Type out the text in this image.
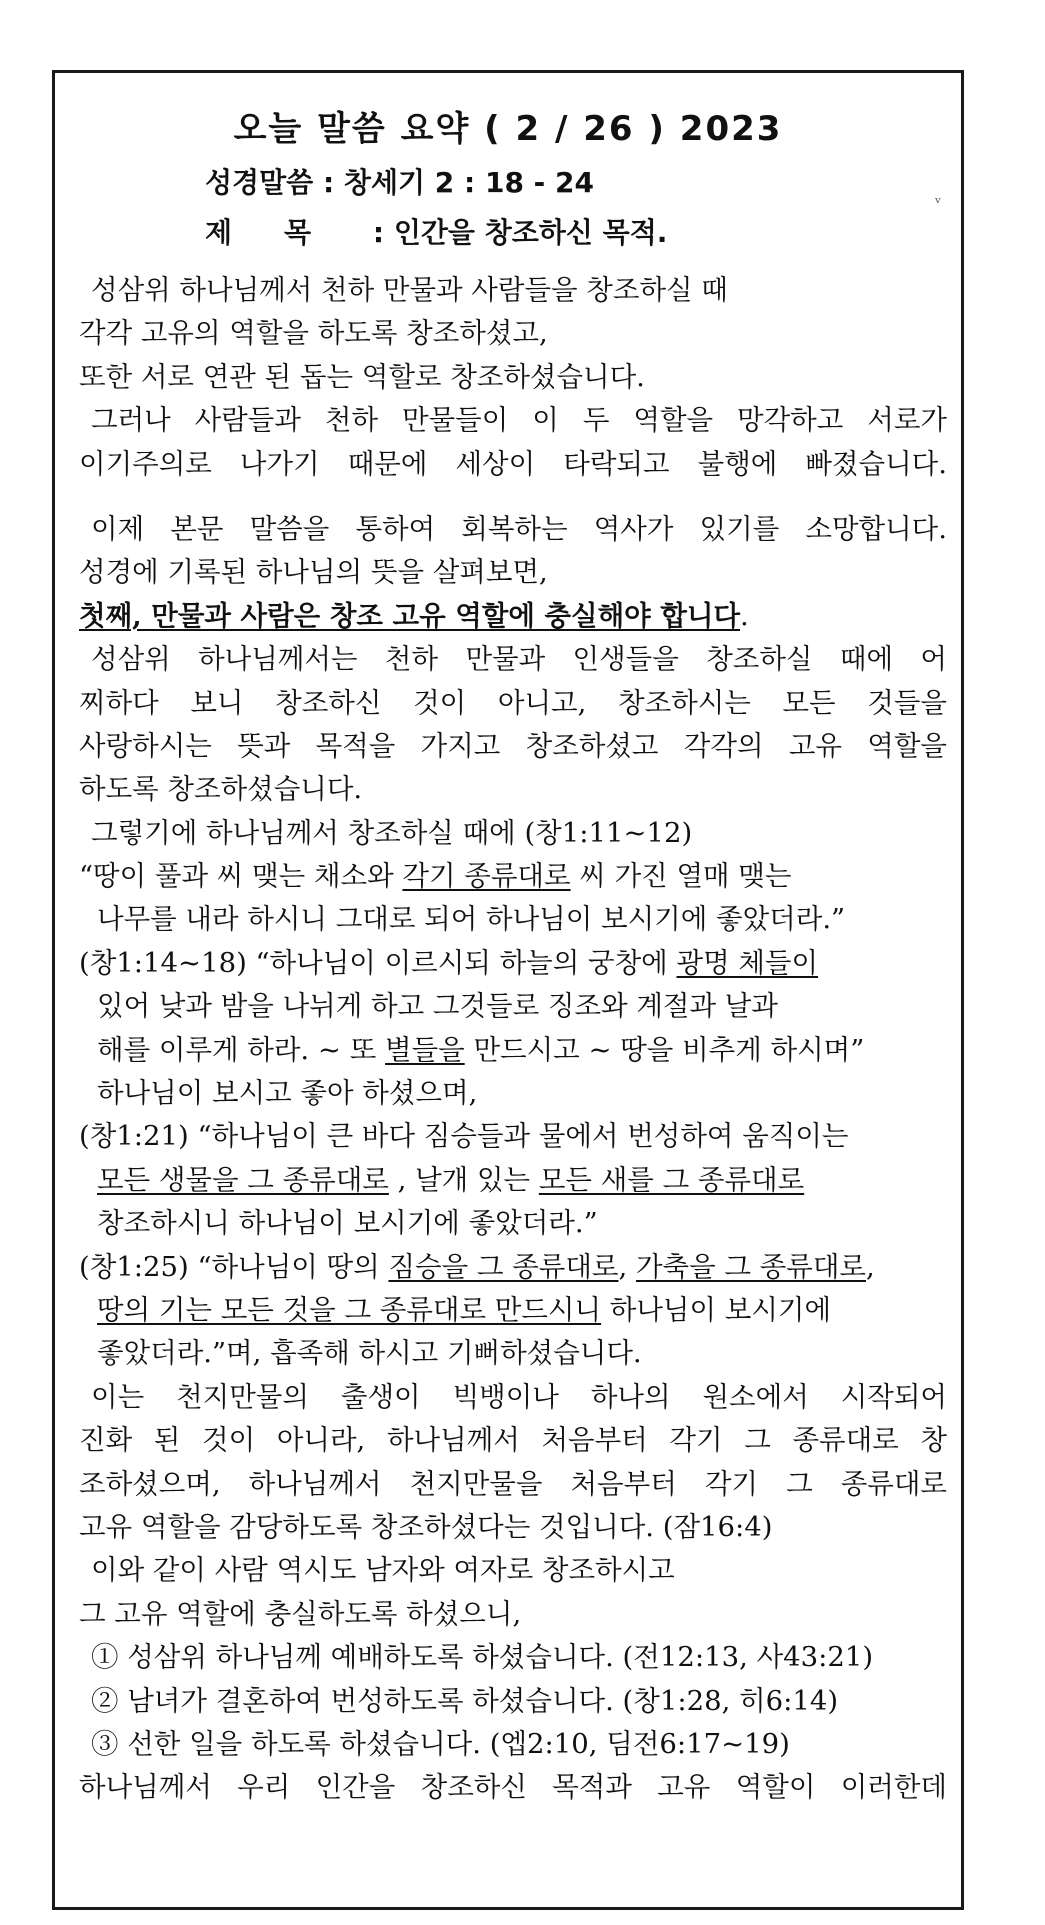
오늘 말씀 요약 ( 2 / 26 ) 2023
성경말씀 : 창세기 2 : 18 - 24
제목 : 인간을 창조하신 목적.
ᵛ
성삼위 하나님께서 천하 만물과 사람들을 창조하실 때
각각 고유의 역할을 하도록 창조하셨고,
또한 서로 연관 된 돕는 역할로 창조하셨습니다.
그러나 사람들과 천하 만물들이 이 두 역할을 망각하고 서로가
이기주의로 나가기 때문에 세상이 타락되고 불행에 빠졌습니다.
이제 본문 말씀을 통하여 회복하는 역사가 있기를 소망합니다.
성경에 기록된 하나님의 뜻을 살펴보면,
첫째, 만물과 사람은 창조 고유 역할에 충실해야 합니다.
성삼위 하나님께서는 천하 만물과 인생들을 창조하실 때에 어
찌하다 보니 창조하신 것이 아니고, 창조하시는 모든 것들을
사랑하시는 뜻과 목적을 가지고 창조하셨고 각각의 고유 역할을
하도록 창조하셨습니다.
그렇기에 하나님께서 창조하실 때에 (창1:11~12)
“땅이 풀과 씨 맺는 채소와 각기 종류대로 씨 가진 열매 맺는
나무를 내라 하시니 그대로 되어 하나님이 보시기에 좋았더라.”
(창1:14~18) “하나님이 이르시되 하늘의 궁창에 광명 체들이
있어 낮과 밤을 나뉘게 하고 그것들로 징조와 계절과 날과
해를 이루게 하라. ~ 또 별들을 만드시고 ~ 땅을 비추게 하시며”
하나님이 보시고 좋아 하셨으며,
(창1:21) “하나님이 큰 바다 짐승들과 물에서 번성하여 움직이는
모든 생물을 그 종류대로 , 날개 있는 모든 새를 그 종류대로
창조하시니 하나님이 보시기에 좋았더라.”
(창1:25) “하나님이 땅의 짐승을 그 종류대로, 가축을 그 종류대로,
땅의 기는 모든 것을 그 종류대로 만드시니 하나님이 보시기에
좋았더라.”며, 흡족해 하시고 기뻐하셨습니다.
이는 천지만물의 출생이 빅뱅이나 하나의 원소에서 시작되어
진화 된 것이 아니라, 하나님께서 처음부터 각기 그 종류대로 창
조하셨으며, 하나님께서 천지만물을 처음부터 각기 그 종류대로
고유 역할을 감당하도록 창조하셨다는 것입니다. (잠16:4)
이와 같이 사람 역시도 남자와 여자로 창조하시고
그 고유 역할에 충실하도록 하셨으니,
① 성삼위 하나님께 예배하도록 하셨습니다. (전12:13, 사43:21)
② 남녀가 결혼하여 번성하도록 하셨습니다. (창1:28, 히6:14)
③ 선한 일을 하도록 하셨습니다. (엡2:10, 딤전6:17~19)
하나님께서 우리 인간을 창조하신 목적과 고유 역할이 이러한데
